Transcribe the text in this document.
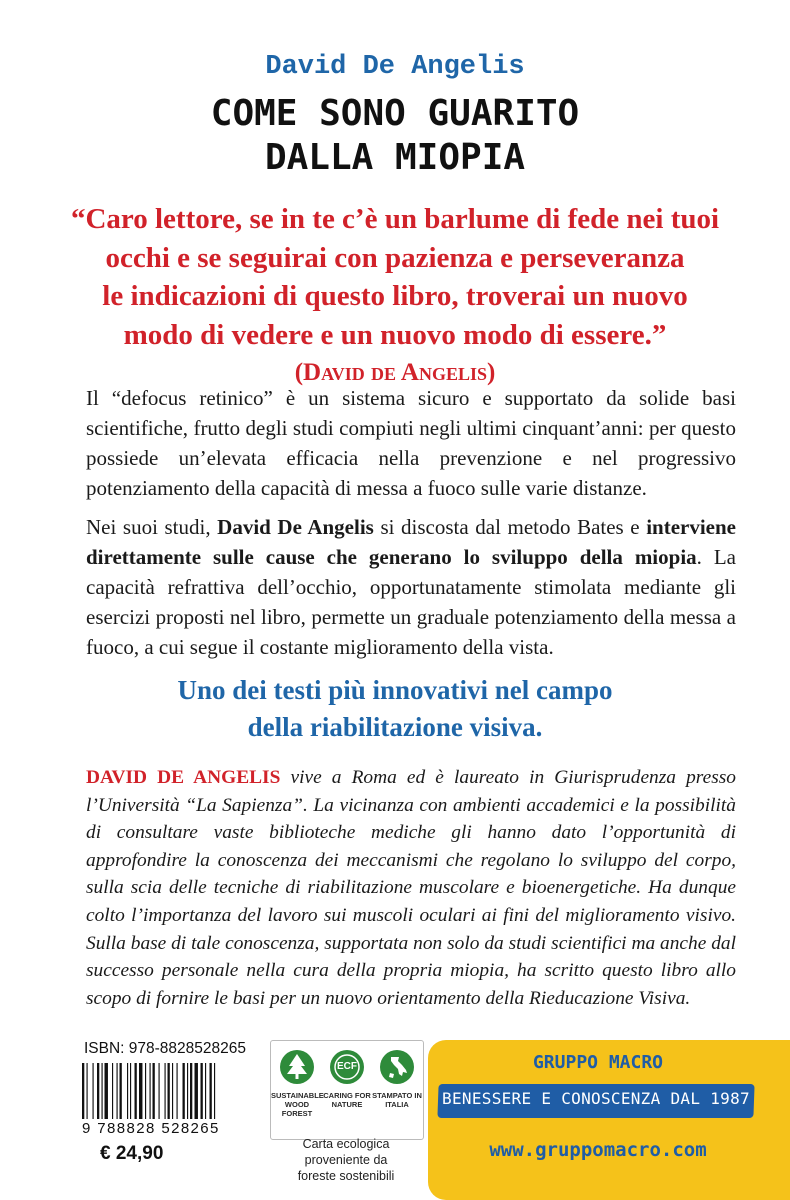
David De Angelis
COME SONO GUARITO
DALLA MIOPIA
“Caro lettore, se in te c’è un barlume di fede nei tuoi
occhi e se seguirai con pazienza e perseveranza
le indicazioni di questo libro, troverai un nuovo
modo di vedere e un nuovo modo di essere.”
(David de Angelis)
Il “defocus retinico” è un sistema sicuro e supportato da solide basi scientifiche, frutto degli studi compiuti negli ultimi cinquant’anni: per questo possiede un’elevata efficacia nella prevenzione e nel progressivo potenziamento della capacità di messa a fuoco sulle varie distanze.
Nei suoi studi, David De Angelis si discosta dal metodo Bates e interviene direttamente sulle cause che generano lo sviluppo della miopia. La capacità refrattiva dell’occhio, opportunatamente stimolata mediante gli esercizi proposti nel libro, permette un graduale potenziamento della messa a fuoco, a cui segue il costante miglioramento della vista.
Uno dei testi più innovativi nel campo
della riabilitazione visiva.
DAVID DE ANGELIS vive a Roma ed è laureato in Giurisprudenza presso l’Università “La Sapienza”. La vicinanza con ambienti accademici e la possibilità di consultare vaste biblioteche mediche gli hanno dato l’opportunità di approfondire la conoscenza dei meccanismi che regolano lo sviluppo del corpo, sulla scia delle tecniche di riabilitazione muscolare e bioenergetiche. Ha dunque colto l’importanza del lavoro sui muscoli oculari ai fini del miglioramento visivo. Sulla base di tale conoscenza, supportata non solo da studi scientifici ma anche dal successo personale nella cura della propria miopia, ha scritto questo libro allo scopo di fornire le basi per un nuovo orientamento della Rieducazione Visiva.
ISBN: 978-8828528265
9 788828 528265
€ 24,90
SUSTAINABLE WOOD FOREST
ECF
CARING FOR NATURE
STAMPATO IN ITALIA
Carta ecologica proveniente da foreste sostenibili
GRUPPO MACRO
BENESSERE E CONOSCENZA DAL 1987
www.gruppomacro.com
